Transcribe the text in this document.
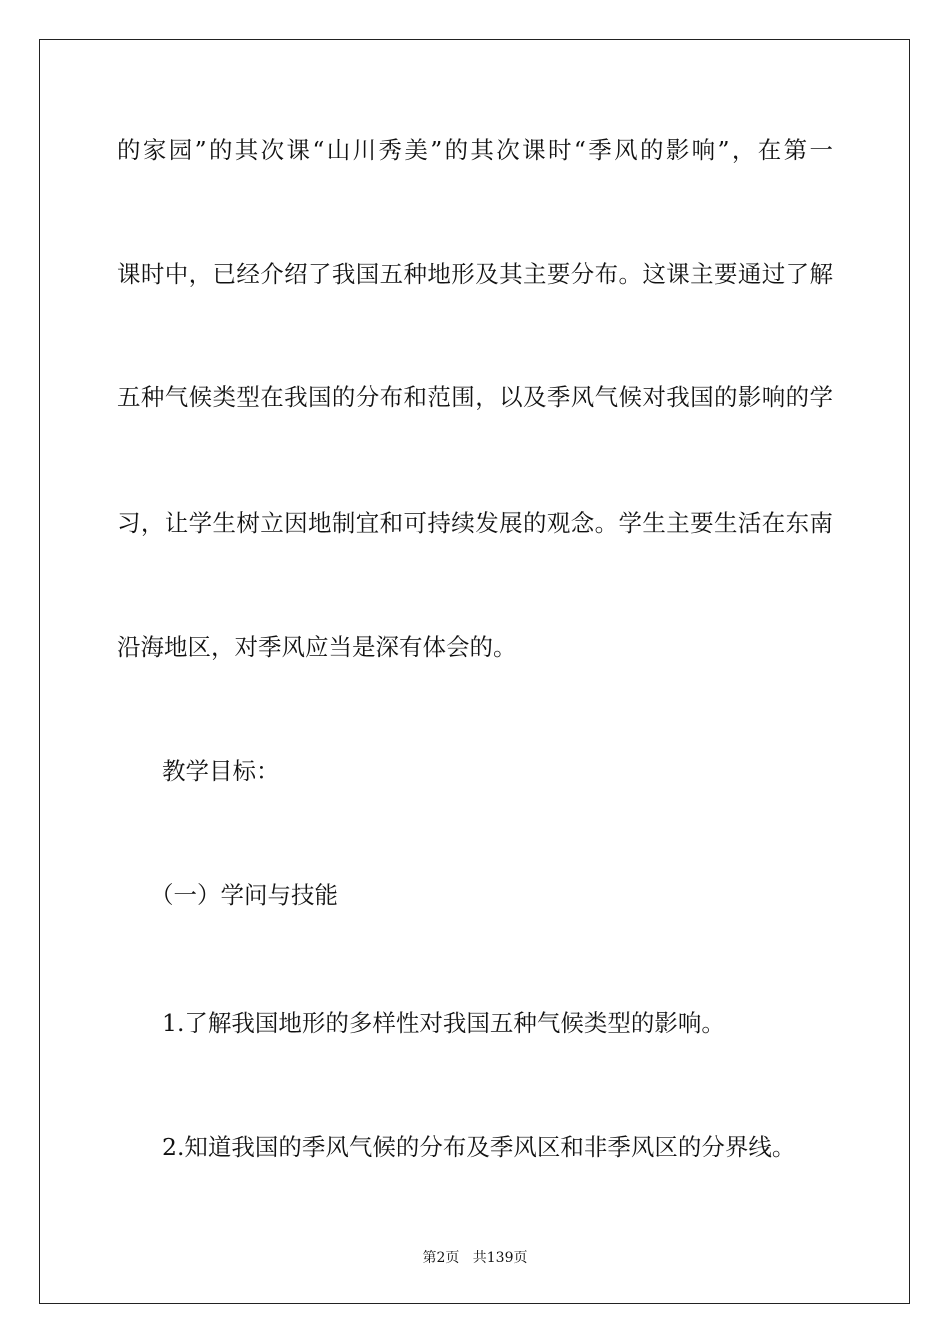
的家园”的其次课“山川秀美”的其次课时“季风的影响”，在第一
课时中，已经介绍了我国五种地形及其主要分布。这课主要通过了解
五种气候类型在我国的分布和范围，以及季风气候对我国的影响的学
习，让学生树立因地制宜和可持续发展的观念。学生主要生活在东南
沿海地区，对季风应当是深有体会的。
教学目标：
（一）学问与技能
1.了解我国地形的多样性对我国五种气候类型的影响。
2.知道我国的季风气候的分布及季风区和非季风区的分界线。
第2页 共139页
